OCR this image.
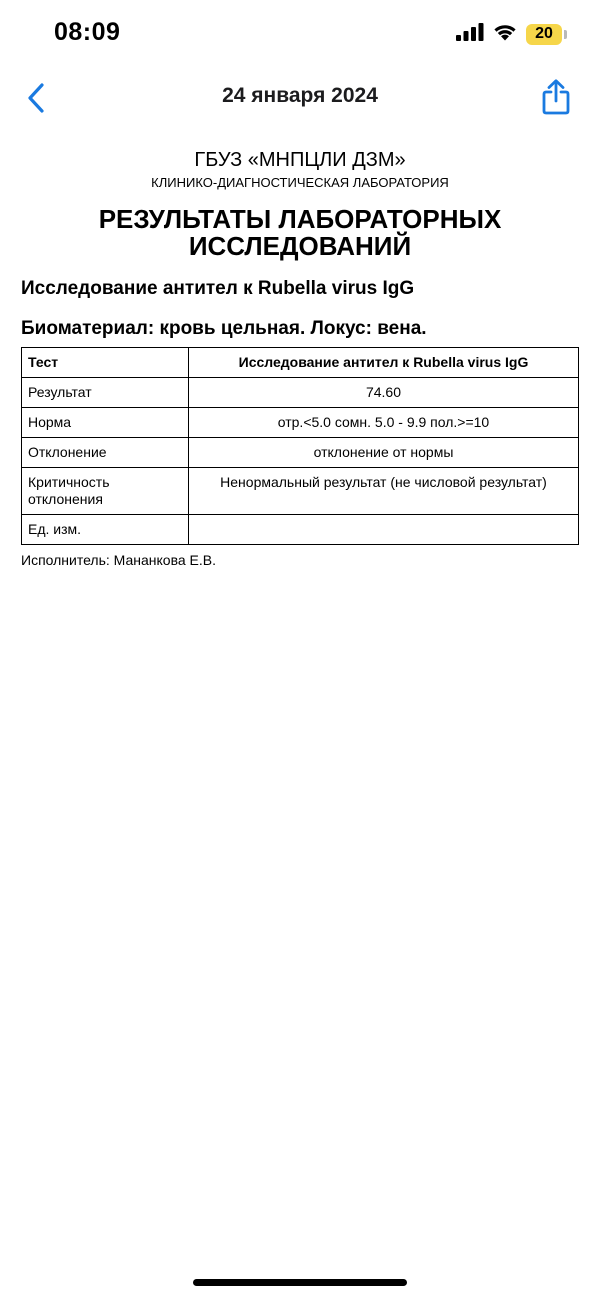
08:09	20
24 января 2024

ГБУЗ «МНПЦЛИ ДЗМ»

КЛИНИКО-ДИАГНОСТИЧЕСКАЯ ЛАБОРАТОРИЯ

РЕЗУЛЬТАТЫ ЛАБОРАТОРНЫХ
ИССЛЕДОВАНИЙ
Исследование антител к Rubella virus IgG
Биоматериал: кровь цельная. Локус: вена.
Тест	Исследование антител к Rubella virus IgG
Результат	74.60
Норма	отр.<5.0 сомн. 5.0 - 9.9 пол.>=10
Отклонение	отклонение от нормы
Критичность отклонения	Ненормальный результат (не числовой результат)
Ед. изм.	
Исполнитель: Мананкова Е.В.
